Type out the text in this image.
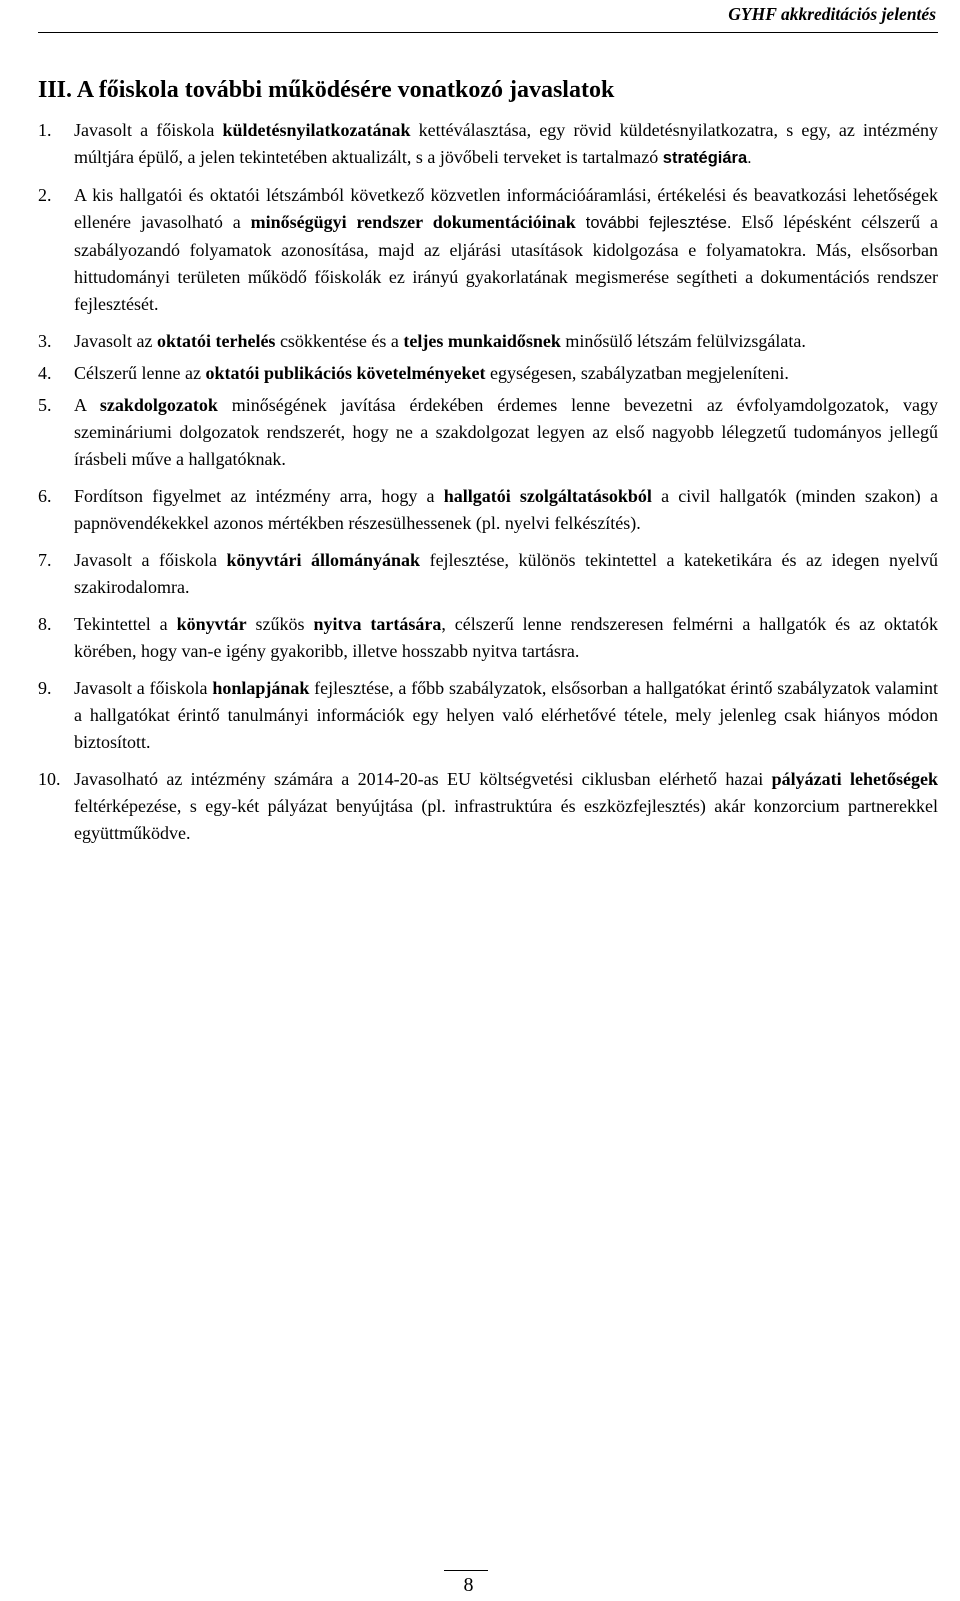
GYHF akkreditációs jelentés
III. A főiskola további működésére vonatkozó javaslatok
1. Javasolt a főiskola küldetésnyilatkozatának kettéválasztása, egy rövid küldetésnyilatkozatra, s egy, az intézmény múltjára épülő, a jelen tekintetében aktualizált, s a jövőbeli terveket is tartalmazó stratégiára.
2. A kis hallgatói és oktatói létszámból következő közvetlen információáramlási, értékelési és beavatkozási lehetőségek ellenére javasolható a minőségügyi rendszer dokumentációinak további fejlesztése. Első lépésként célszerű a szabályozandó folyamatok azonosítása, majd az eljárási utasítások kidolgozása e folyamatokra. Más, elsősorban hittudományi területen működő főiskolák ez irányú gyakorlatának megismerése segítheti a dokumentációs rendszer fejlesztését.
3. Javasolt az oktatói terhelés csökkentése és a teljes munkaidősnek minősülő létszám felülvizsgálata.
4. Célszerű lenne az oktatói publikációs követelményeket egységesen, szabályzatban megjeleníteni.
5. A szakdolgozatok minőségének javítása érdekében érdemes lenne bevezetni az évfolyamdolgozatok, vagy szemináriumi dolgozatok rendszerét, hogy ne a szakdolgozat legyen az első nagyobb lélegzetű tudományos jellegű írásbeli műve a hallgatóknak.
6. Fordítson figyelmet az intézmény arra, hogy a hallgatói szolgáltatásokból a civil hallgatók (minden szakon) a papnövendékekkel azonos mértékben részesülhessenek (pl. nyelvi felkészítés).
7. Javasolt a főiskola könyvtári állományának fejlesztése, különös tekintettel a kateketikára és az idegen nyelvű szakirodalomra.
8. Tekintettel a könyvtár szűkös nyitva tartására, célszerű lenne rendszeresen felmérni a hallgatók és az oktatók körében, hogy van-e igény gyakoribb, illetve hosszabb nyitva tartásra.
9. Javasolt a főiskola honlapjának fejlesztése, a főbb szabályzatok, elsősorban a hallgatókat érintő szabályzatok valamint a hallgatókat érintő tanulmányi információk egy helyen való elérhetővé tétele, mely jelenleg csak hiányos módon biztosított.
10. Javasolható az intézmény számára a 2014-20-as EU költségvetési ciklusban elérhető hazai pályázati lehetőségek feltérképezése, s egy-két pályázat benyújtása (pl. infrastruktúra és eszközfejlesztés) akár konzorcium partnerekkel együttműködve.
8
